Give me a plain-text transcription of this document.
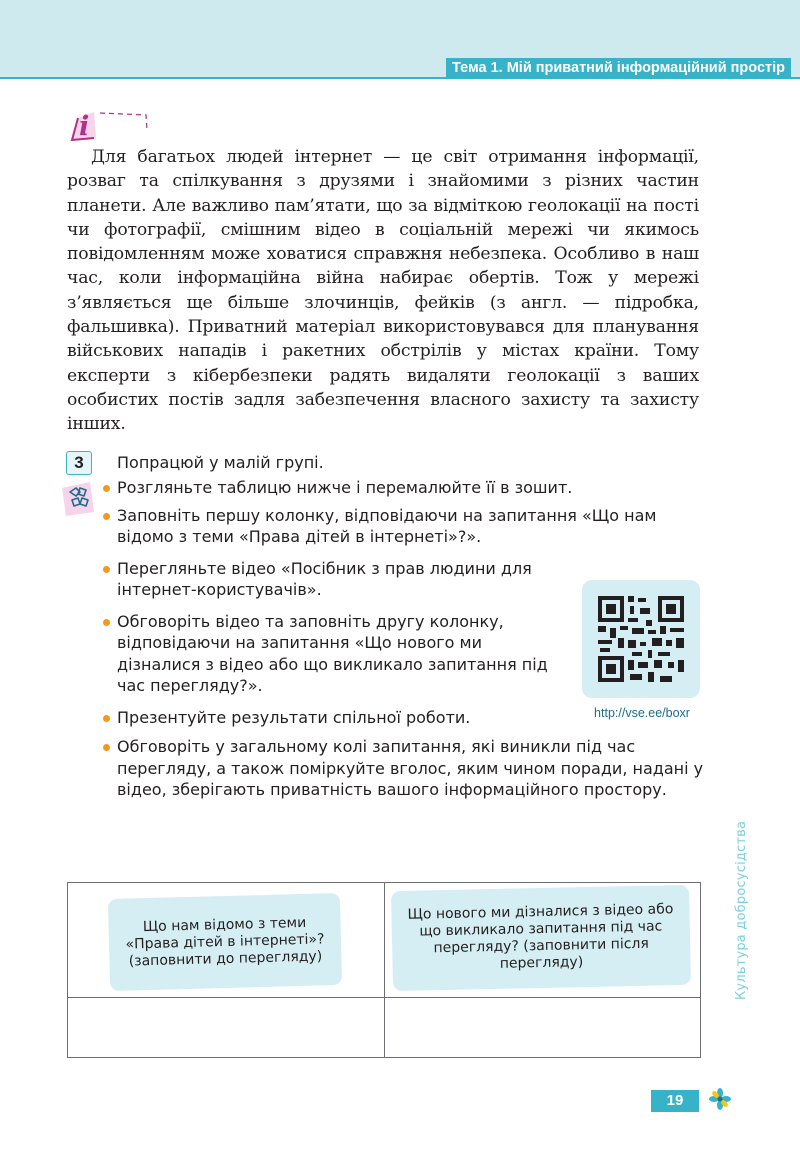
Тема 1. Мій приватний інформаційний простір
i

Для багатьох людей інтернет — це світ отримання інформації, розваг та спілкування з друзями і знайомими з різних частин планети. Але важливо пам’ятати, що за відміткою геолокації на пості чи фотографії, смішним відео в соціальній мережі чи якимось повідомленням може ховатися справжня небезпека. Особливо в наш час, коли інформаційна війна набирає обертів. Тож у мережі з’являється ще більше злочинців, фейків (з англ. — підробка, фальшивка). Приватний матеріал використовувався для планування військових нападів і ракетних обстрілів у містах країни. Тому експерти з кібербезпеки радять видаляти геолокації з ваших особистих постів задля забезпечення власного захисту та захисту інших.

3	Попрацюй у малій групі.
Розгляньте таблицю нижче і перемалюйте її в зошит.
Заповніть першу колонку, відповідаючи на запитання «Що нам відомо з теми «Права дітей в інтернеті»?».
Перегляньте відео «Посібник з прав людини для інтернет-користувачів».
Обговоріть відео та заповніть другу колонку, відповідаючи на запитання «Що нового ми дізналися з відео або що викликало запитання під час перегляду?».
Презентуйте результати спільної роботи.
Обговоріть у загальному колі запитання, які виникли під час перегляду, а також поміркуйте вголос, яким чином поради, надані у відео, зберігають приватність вашого інформаційного простору.
http://vse.ee/boxr
Що нам відомо з теми «Права дітей в інтернеті»? (заповнити до перегляду)
Що нового ми дізналися з відео або що викликало запитання під час перегляду? (заповнити після перегляду)	Культура добросусідства
19
